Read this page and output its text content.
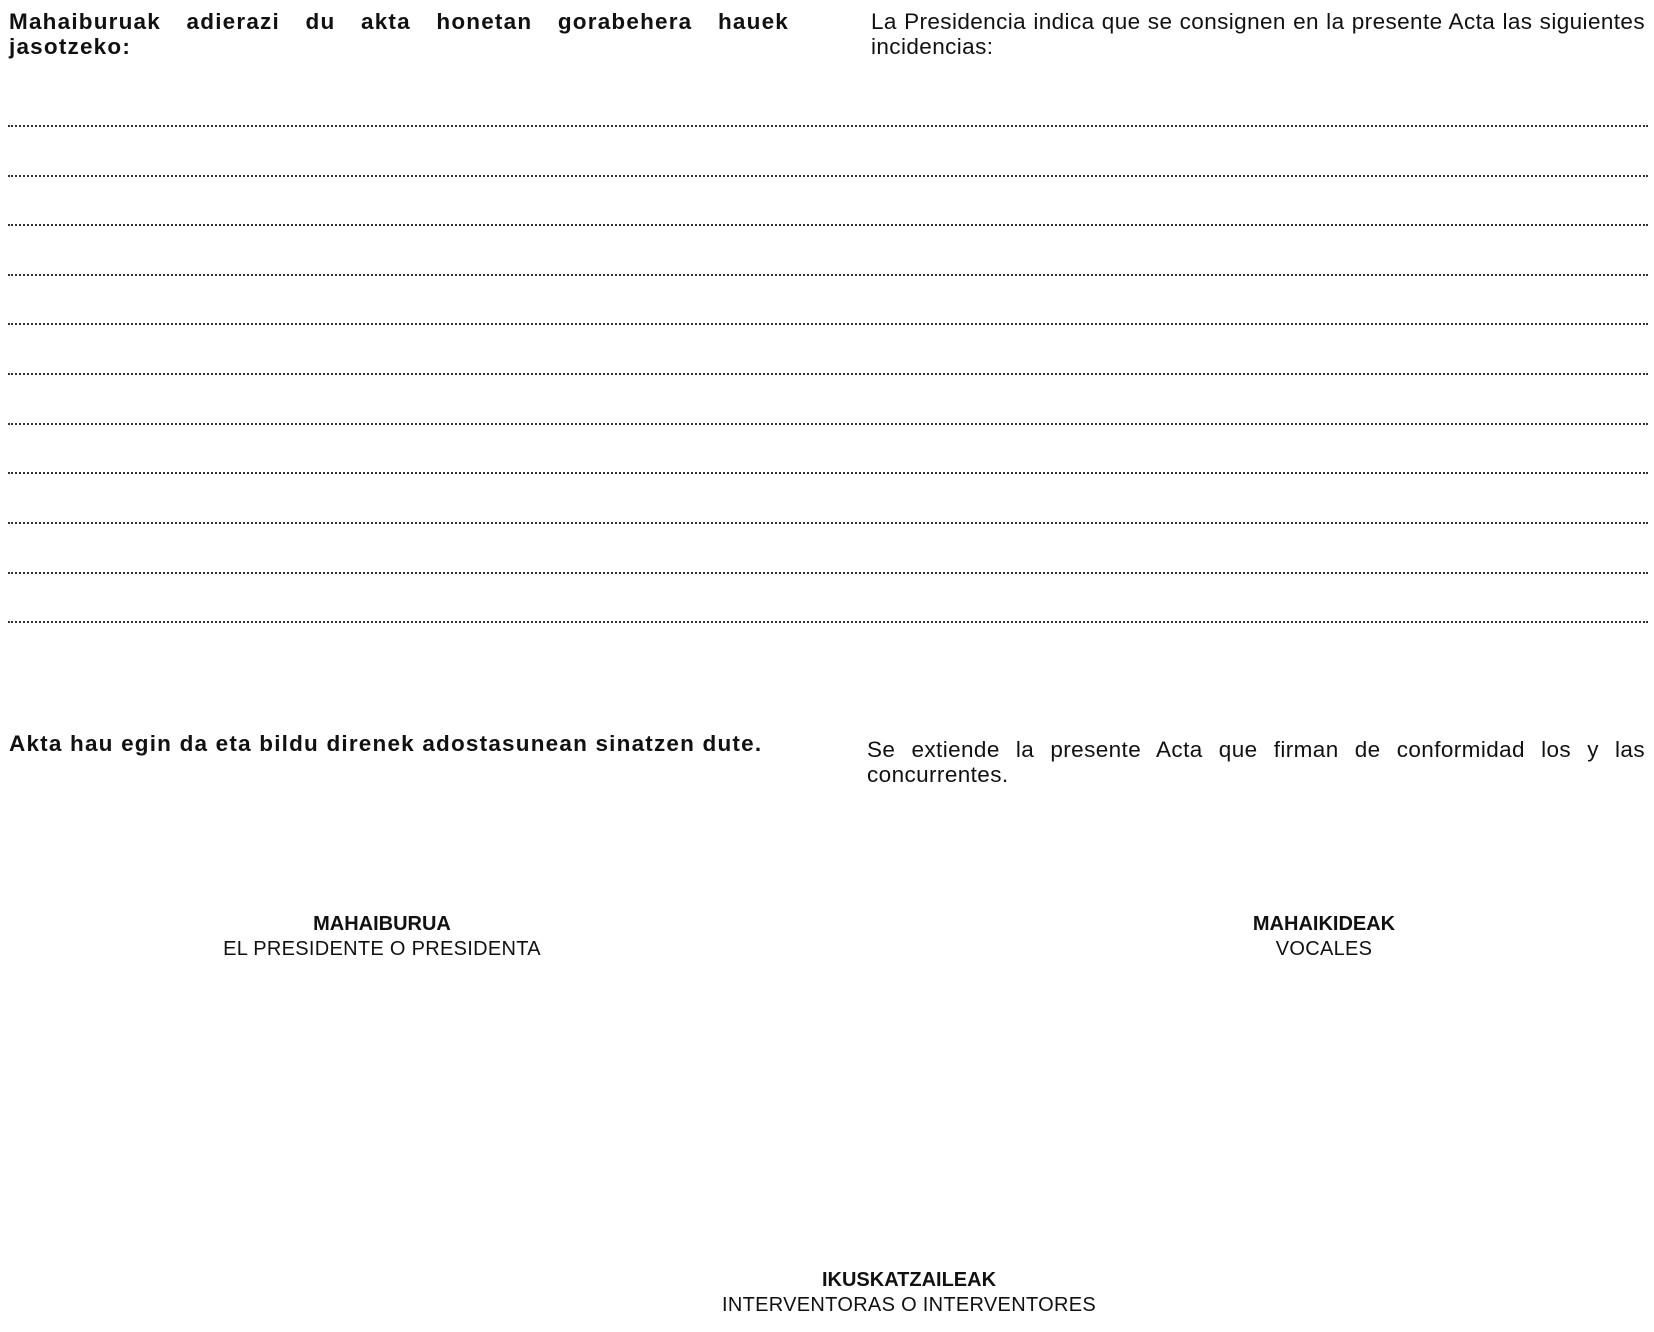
Mahaiburuak adierazi du akta honetan gorabehera hauek jasotzeko:

La Presidencia indica que se consignen en la presente Acta las siguientes incidencias:

Akta hau egin da eta bildu direnek adostasunean sinatzen dute.	Se extiende la presente Acta que firman de conformidad los y las concurrentes.

MAHAIBURUA
EL PRESIDENTE O PRESIDENTA
MAHAIKIDEAK
VOCALES
IKUSKATZAILEAK
INTERVENTORAS O INTERVENTORES
